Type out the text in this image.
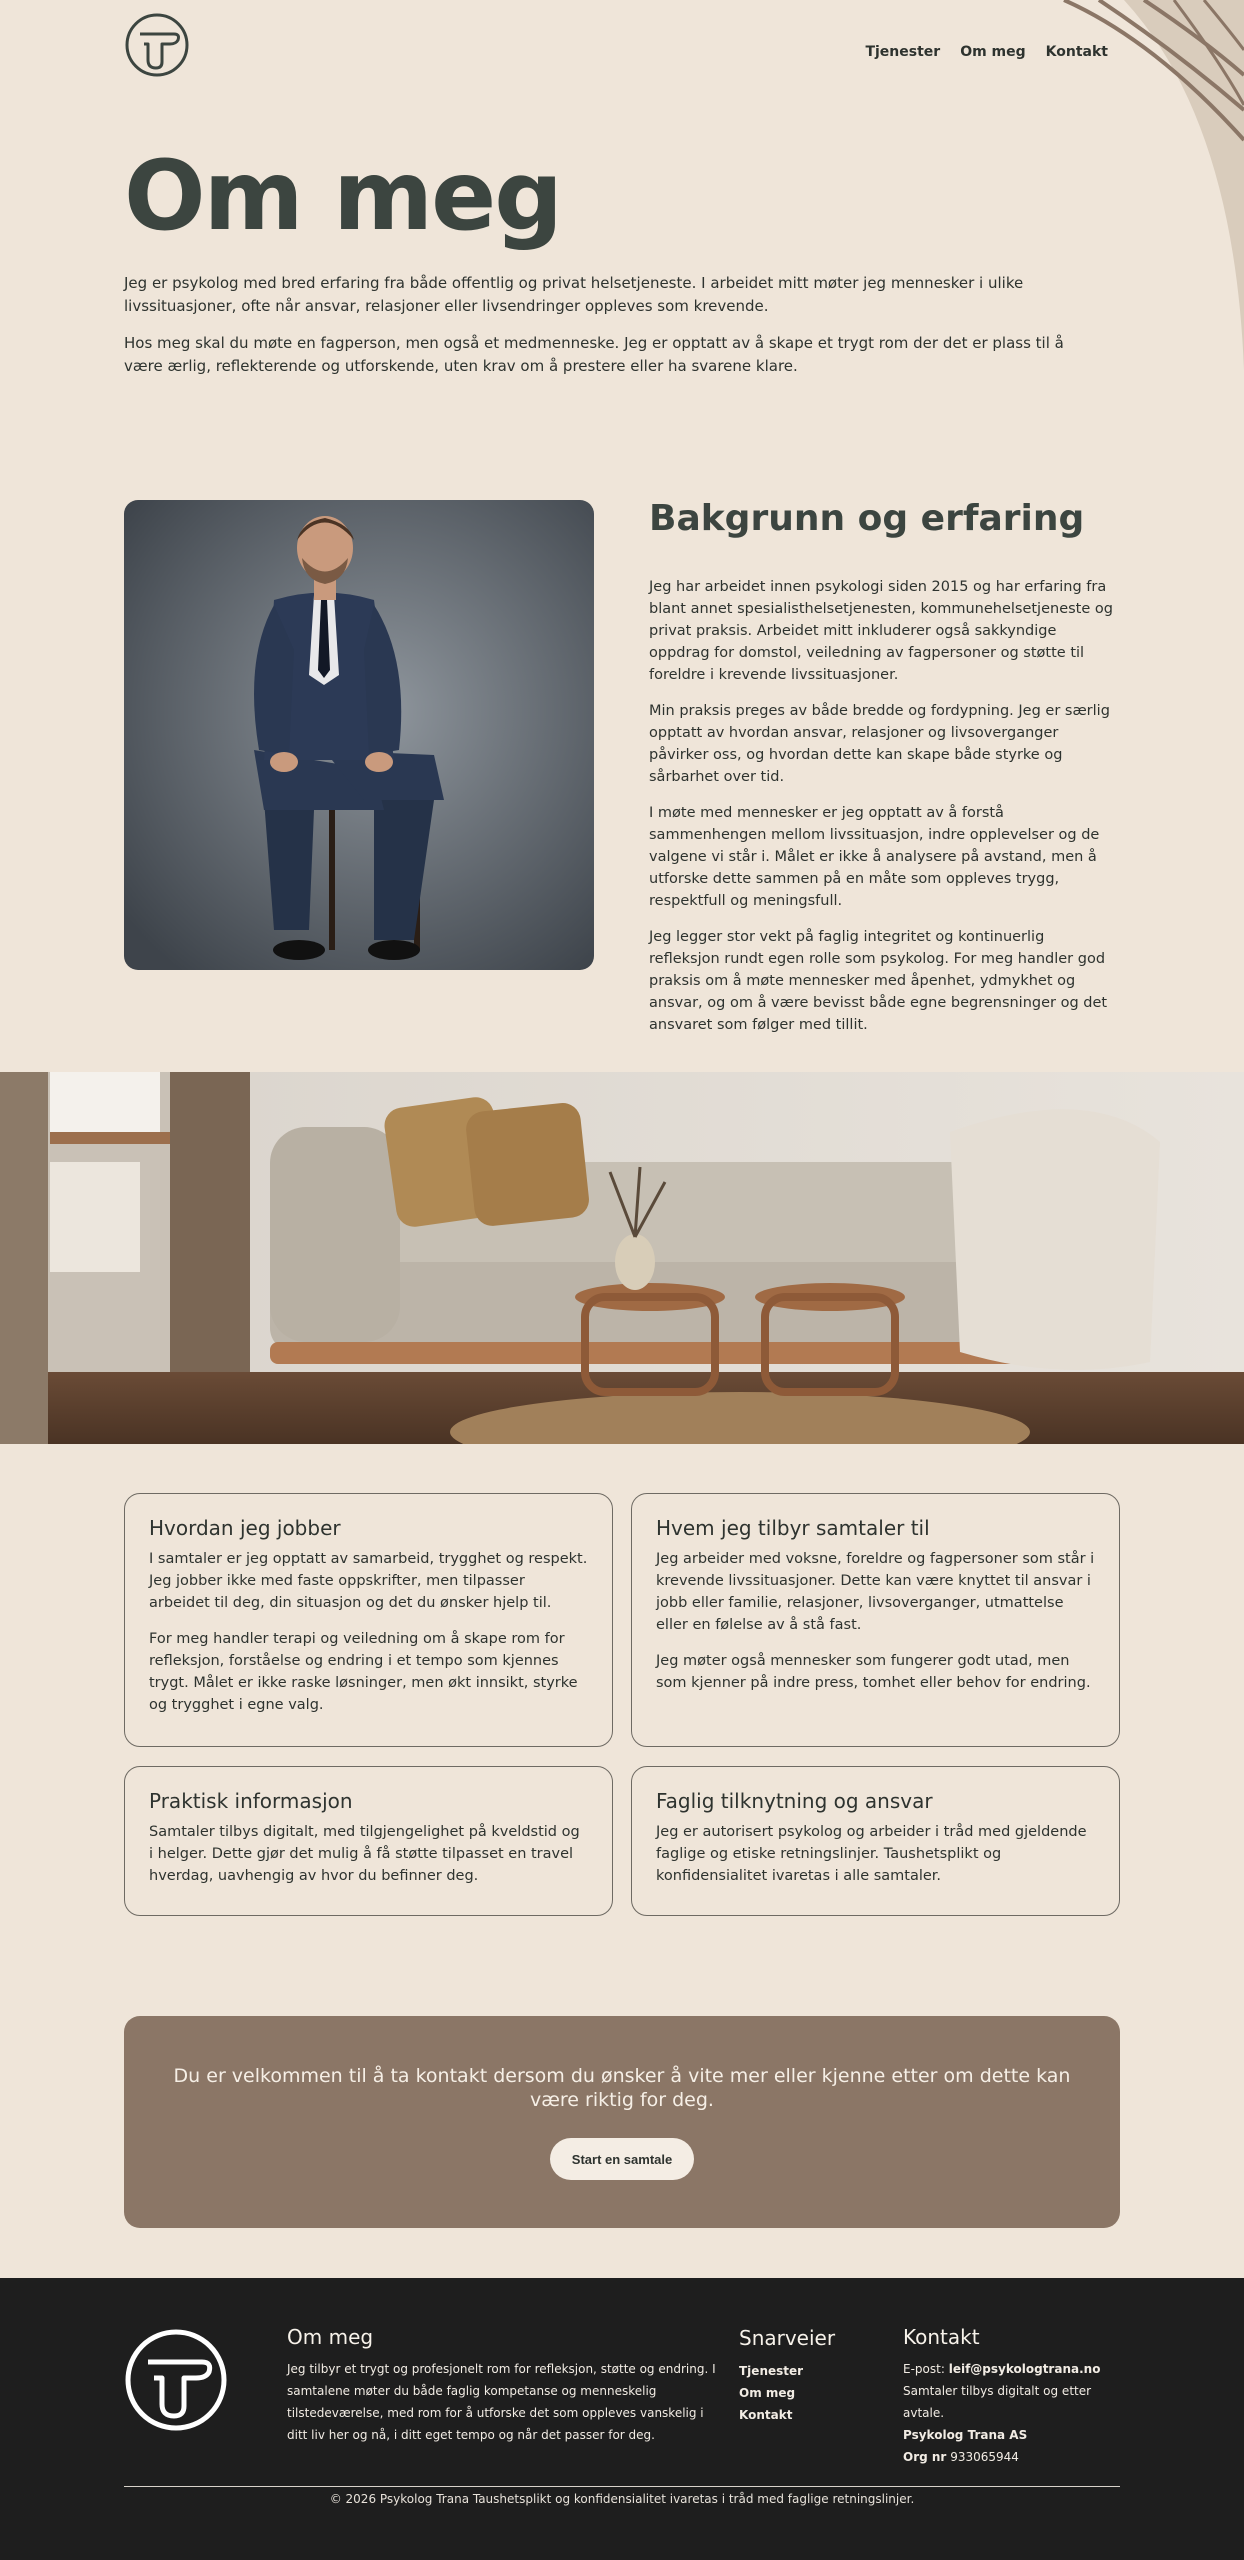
Tjenester Om meg Kontakt
Om meg

Jeg er psykolog med bred erfaring fra både offentlig og privat helsetjeneste. I arbeidet mitt møter jeg mennesker i ulike livssituasjoner, ofte når ansvar, relasjoner eller livsendringer oppleves som krevende.

Hos meg skal du møte en fagperson, men også et medmenneske. Jeg er opptatt av å skape et trygt rom der det er plass til å være ærlig, reflekterende og utforskende, uten krav om å prestere eller ha svarene klare.

Bakgrunn og erfaring

Jeg har arbeidet innen psykologi siden 2015 og har erfaring fra blant annet spesialisthelsetjenesten, kommunehelsetjeneste og privat praksis. Arbeidet mitt inkluderer også sakkyndige oppdrag for domstol, veiledning av fagpersoner og støtte til foreldre i krevende livssituasjoner.

Min praksis preges av både bredde og fordypning. Jeg er særlig opptatt av hvordan ansvar, relasjoner og livsoverganger påvirker oss, og hvordan dette kan skape både styrke og sårbarhet over tid.

I møte med mennesker er jeg opptatt av å forstå sammenhengen mellom livssituasjon, indre opplevelser og de valgene vi står i. Målet er ikke å analysere på avstand, men å utforske dette sammen på en måte som oppleves trygg, respektfull og meningsfull.

Jeg legger stor vekt på faglig integritet og kontinuerlig refleksjon rundt egen rolle som psykolog. For meg handler god praksis om å møte mennesker med åpenhet, ydmykhet og ansvar, og om å være bevisst både egne begrensninger og det ansvaret som følger med tillit.

Hvordan jeg jobber

I samtaler er jeg opptatt av samarbeid, trygghet og respekt. Jeg jobber ikke med faste oppskrifter, men tilpasser arbeidet til deg, din situasjon og det du ønsker hjelp til.

For meg handler terapi og veiledning om å skape rom for refleksjon, forståelse og endring i et tempo som kjennes trygt. Målet er ikke raske løsninger, men økt innsikt, styrke og trygghet i egne valg.

Hvem jeg tilbyr samtaler til

Jeg arbeider med voksne, foreldre og fagpersoner som står i krevende livssituasjoner. Dette kan være knyttet til ansvar i jobb eller familie, relasjoner, livsoverganger, utmattelse eller en følelse av å stå fast.

Jeg møter også mennesker som fungerer godt utad, men som kjenner på indre press, tomhet eller behov for endring.

Praktisk informasjon

Samtaler tilbys digitalt, med tilgjengelighet på kveldstid og i helger. Dette gjør det mulig å få støtte tilpasset en travel hverdag, uavhengig av hvor du befinner deg.

Faglig tilknytning og ansvar

Jeg er autorisert psykolog og arbeider i tråd med gjeldende faglige og etiske retningslinjer. Taushetsplikt og konfidensialitet ivaretas i alle samtaler.

Du er velkommen til å ta kontakt dersom du ønsker å vite mer eller kjenne etter om dette kan være riktig for deg.

Start en samtale
Om meg

Jeg tilbyr et trygt og profesjonelt rom for refleksjon, støtte og endring. I samtalene møter du både faglig kompetanse og menneskelig tilstedeværelse, med rom for å utforske det som oppleves vanskelig i ditt liv her og nå, i ditt eget tempo og når det passer for deg.

Snarveier
Tjenester
Om meg
Kontakt
Kontakt
E-post: leif@psykologtrana.no
Samtaler tilbys digitalt og etter avtale.
Psykolog Trana AS
Org nr 933065944

© 2026 Psykolog Trana Taushetsplikt og konfidensialitet ivaretas i tråd med faglige retningslinjer.
